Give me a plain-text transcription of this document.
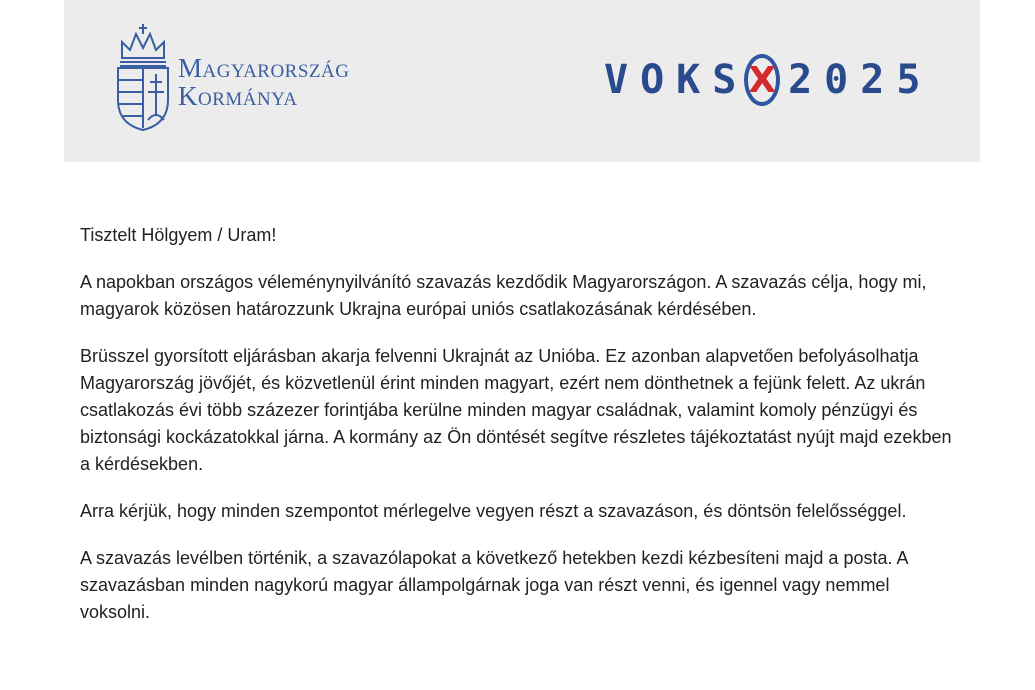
Magyarország
Kormánya	VOKS X 2025

Tisztelt Hölgyem / Uram!

A napokban országos véleménynyilvánító szavazás kezdődik Magyarországon. A szavazás célja, hogy mi, magyarok közösen határozzunk Ukrajna európai uniós csatlakozásának kérdésében.

Brüsszel gyorsított eljárásban akarja felvenni Ukrajnát az Unióba. Ez azonban alapvetően befolyásolhatja Magyarország jövőjét, és közvetlenül érint minden magyart, ezért nem dönthetnek a fejünk felett. Az ukrán csatlakozás évi több százezer forintjába kerülne minden magyar családnak, valamint komoly pénzügyi és biztonsági kockázatokkal járna. A kormány az Ön döntését segítve részletes tájékoztatást nyújt majd ezekben a kérdésekben.

Arra kérjük, hogy minden szempontot mérlegelve vegyen részt a szavazáson, és döntsön felelősséggel.

A szavazás levélben történik, a szavazólapokat a következő hetekben kezdi kézbesíteni majd a posta. A szavazásban minden nagykorú magyar állampolgárnak joga van részt venni, és igennel vagy nemmel voksolni.
